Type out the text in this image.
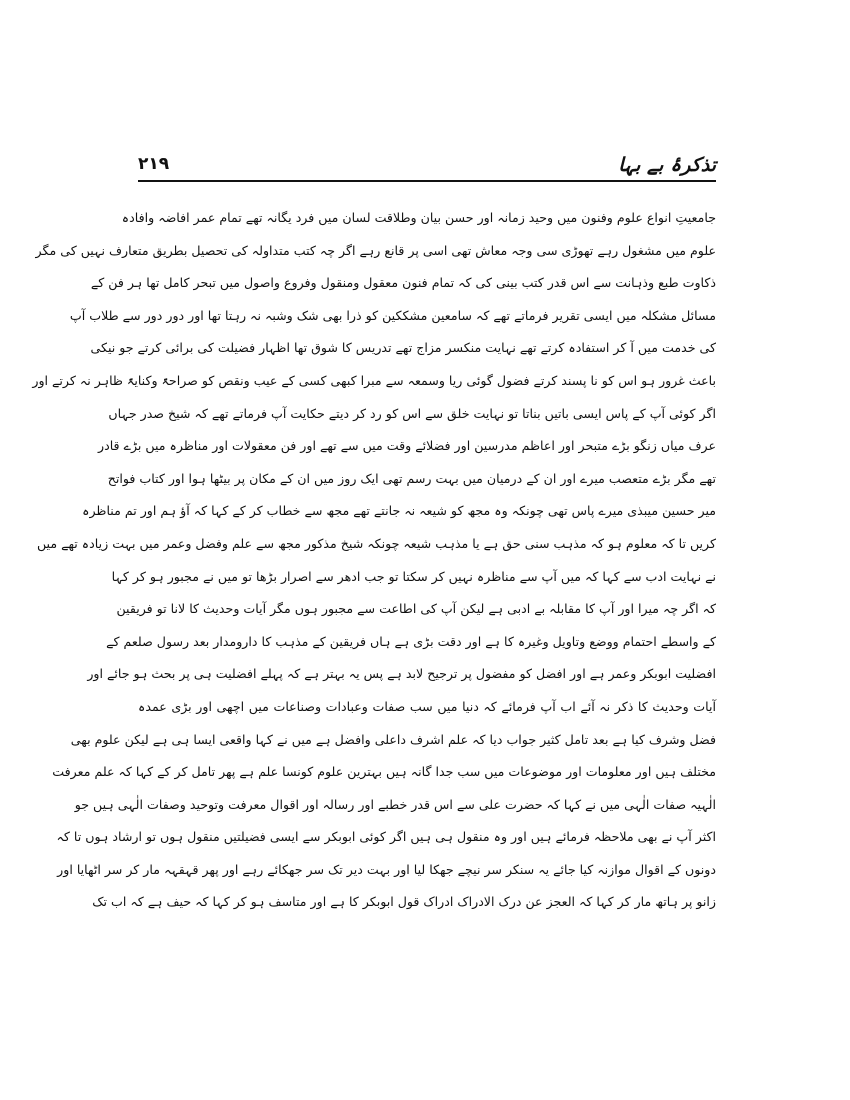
۲۱۹	تذکرۂ بے بہا
جامعیتِ انواع علوم وفنون میں وحید زمانہ اور حسن بیان وطلاقت لسان میں فرد یگانہ تھے تمام عمر افاضہ وافادہ
علوم میں مشغول رہے تھوڑی سی وجہ معاش تھی اسی پر قانع رہے اگر چہ کتب متداولہ کی تحصیل بطریق متعارف نہیں کی مگر
ذکاوت طبع وذہانت سے اس قدر کتب بینی کی کہ تمام فنون معقول ومنقول وفروع واصول میں تبحر کامل تھا ہر فن کے
مسائل مشکلہ میں ایسی تقریر فرماتے تھے کہ سامعین مشککین کو ذرا بھی شک وشبہ نہ رہتا تھا اور دور دور سے طلاب آپ
کی خدمت میں آ کر استفادہ کرتے تھے نہایت منکسر مزاج تھے تدریس کا شوق تھا اظہار فضیلت کی برائی کرتے جو نیکی
باعث غرور ہو اس کو نا پسند کرتے فضول گوئی ریا وسمعہ سے مبرا کبھی کسی کے عیب ونقص کو صراحۃً وکنایۃً ظاہر نہ کرتے اور
اگر کوئی آپ کے پاس ایسی باتیں بناتا تو نہایت خلق سے اس کو رد کر دیتے حکایت آپ فرماتے تھے کہ شیخ صدر جہاں
عرف میاں زنگو بڑے متبحر اور اعاظم مدرسین اور فضلائے وقت میں سے تھے اور فن معقولات اور مناظرہ میں بڑے قادر
تھے مگر بڑے متعصب میرے اور ان کے درمیان میں بہت رسم تھی ایک روز میں ان کے مکان پر بیٹھا ہوا اور کتاب فواتح
میر حسین میبذی میرے پاس تھی چونکہ وہ مجھ کو شیعہ نہ جانتے تھے مجھ سے خطاب کر کے کہا کہ آؤ ہم اور تم مناظرہ
کریں تا کہ معلوم ہو کہ مذہب سنی حق ہے یا مذہب شیعہ چونکہ شیخ مذکور مجھ سے علم وفضل وعمر میں بہت زیادہ تھے میں
نے نہایت ادب سے کہا کہ میں آپ سے مناظرہ نہیں کر سکتا تو جب ادھر سے اصرار بڑھا تو میں نے مجبور ہو کر کہا
کہ اگر چہ میرا اور آپ کا مقابلہ بے ادبی ہے لیکن آپ کی اطاعت سے مجبور ہوں مگر آیات وحدیث کا لانا تو فریقین
کے واسطے احتمام ووضع وتاویل وغیرہ کا ہے اور دقت بڑی ہے ہاں فریقین کے مذہب کا دارومدار بعد رسول صلعم کے
افضلیت ابوبکر وعمر ہے اور افضل کو مفضول پر ترجیح لابد ہے پس یہ بہتر ہے کہ پہلے افضلیت ہی پر بحث ہو جائے اور
آیات وحدیث کا ذکر نہ آئے اب آپ فرمائے کہ دنیا میں سب صفات وعبادات وصناعات میں اچھی اور بڑی عمدہ
فضل وشرف کیا ہے بعد تامل کثیر جواب دیا کہ علم اشرف داعلی وافضل ہے میں نے کہا واقعی ایسا ہی ہے لیکن علوم بھی
مختلف ہیں اور معلومات اور موضوعات میں سب جدا گانہ ہیں بہترین علوم کونسا علم ہے پھر تامل کر کے کہا کہ علم معرفت
الٰہیہ صفات الٰہی میں نے کہا کہ حضرت علی سے اس قدر خطبے اور رسالہ اور اقوال معرفت وتوحید وصفات الٰہی ہیں جو
اکثر آپ نے بھی ملاحظہ فرمائے ہیں اور وہ منقول ہی ہیں اگر کوئی ابوبکر سے ایسی فضیلتیں منقول ہوں تو ارشاد ہوں تا کہ
دونوں کے اقوال موازنہ کیا جائے یہ سنکر سر نیچے جھکا لیا اور بہت دیر تک سر جھکائے رہے اور پھر قہقہہ مار کر سر اٹھایا اور
زانو پر ہاتھ مار کر کہا کہ العجز عن درک الادراک ادراک قول ابوبکر کا ہے اور متاسف ہو کر کہا کہ حیف ہے کہ اب تک
